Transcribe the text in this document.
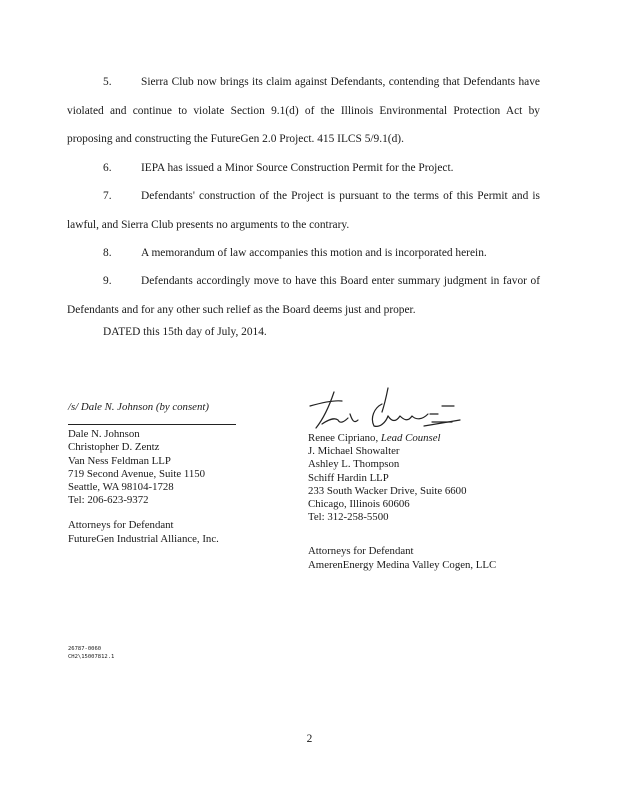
5.	Sierra Club now brings its claim against Defendants, contending that Defendants have violated and continue to violate Section 9.1(d) of the Illinois Environmental Protection Act by proposing and constructing the FutureGen 2.0 Project. 415 ILCS 5/9.1(d).
6.	IEPA has issued a Minor Source Construction Permit for the Project.
7.	Defendants' construction of the Project is pursuant to the terms of this Permit and is lawful, and Sierra Club presents no arguments to the contrary.
8.	A memorandum of law accompanies this motion and is incorporated herein.
9.	Defendants accordingly move to have this Board enter summary judgment in favor of Defendants and for any other such relief as the Board deems just and proper.
DATED this 15th day of July, 2014.
/s/ Dale N. Johnson (by consent)
Dale N. Johnson
Christopher D. Zentz
Van Ness Feldman LLP
719 Second Avenue, Suite 1150
Seattle, WA 98104-1728
Tel: 206-623-9372
Attorneys for Defendant
FutureGen Industrial Alliance, Inc.
Renee Cipriano, Lead Counsel
J. Michael Showalter
Ashley L. Thompson
Schiff Hardin LLP
233 South Wacker Drive, Suite 6600
Chicago, Illinois 60606
Tel: 312-258-5500
Attorneys for Defendant
AmerenEnergy Medina Valley Cogen, LLC
26787-0060
CH2\15007812.1
2
